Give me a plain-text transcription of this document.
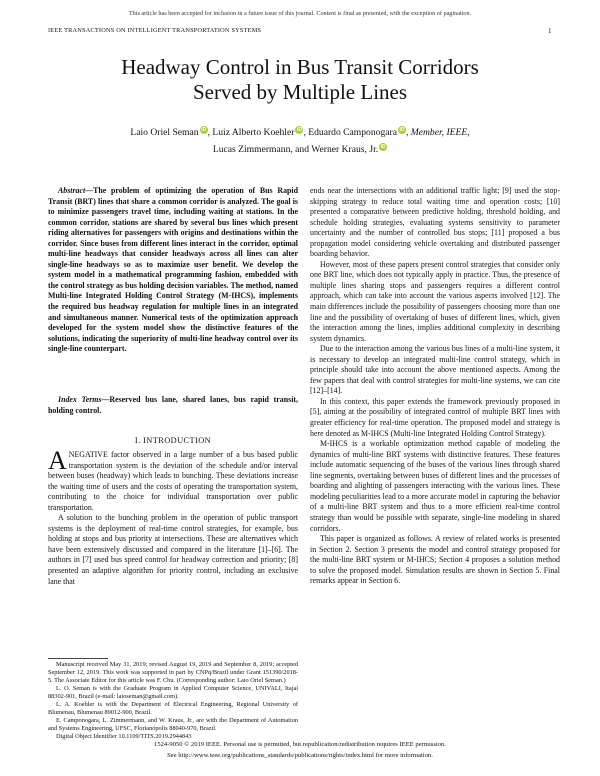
This article has been accepted for inclusion in a future issue of this journal. Content is final as presented, with the exception of pagination.
IEEE TRANSACTIONS ON INTELLIGENT TRANSPORTATION SYSTEMS	1
Headway Control in Bus Transit Corridors
Served by Multiple Lines
Laio Oriel Seman iD , Luiz Alberto Koehler iD , Eduardo Camponogara iD , Member, IEEE,
Lucas Zimmermann, and Werner Kraus, Jr. iD

Abstract—The problem of optimizing the operation of Bus Rapid Transit (BRT) lines that share a common corridor is analyzed. The goal is to minimize passengers travel time, including waiting at stations. In the common corridor, stations are shared by several bus lines which present riding alternatives for passengers with origins and destinations within the corridor. Since buses from different lines interact in the corridor, optimal multi-line headways that consider headways across all lines can alter single-line headways so as to maximize user benefit. We develop the system model in a mathematical programming fashion, embedded with the control strategy as bus holding decision variables. The method, named Multi-line Integrated Holding Control Strategy (M-IHCS), implements the required bus headway regulation for multiple lines in an integrated and simultaneous manner. Numerical tests of the optimization approach developed for the system model show the distinctive features of the solutions, indicating the superiority of multi-line headway control over its single-line counterpart.

Index Terms—Reserved bus lane, shared lanes, bus rapid transit, holding control.

I. INTRODUCTION

ANEGATIVE factor observed in a large number of a bus based public transportation system is the deviation of the schedule and/or interval between buses (headway) which leads to bunching. These deviations increase the waiting time of users and the costs of operating the transportation system, contributing to the choice for individual transportation over public transportation.

A solution to the bunching problem in the operation of public transport systems is the deployment of real-time control strategies, for example, bus holding at stops and bus priority at intersections. These are alternatives which have been extensively discussed and compared in the literature [1]–[6]. The authors in [7] used bus speed control for headway correction and priority; [8] presented an adaptive algorithm for priority control, including an exclusive lane that

Manuscript received May 31, 2019; revised August 19, 2019 and September 8, 2019; accepted September 12, 2019. This work was supported in part by CNPq/Brazil under Grant 151390/2018-5. The Associate Editor for this article was F. Chu. (Corresponding author: Laio Oriel Seman.)

L. O. Seman is with the Graduate Program in Applied Computer Science, UNIVALI, Itajaí 88302-901, Brazil (e-mail: laioseman@gmail.com).

L. A. Koehler is with the Department of Electrical Engineering, Regional University of Blumenau, Blumenau 89012-900, Brazil.

E. Camponogara, L. Zimmermann, and W. Kraus, Jr., are with the Department of Automation and Systems Engineering, UFSC, Florianópolis 88040-970, Brazil.

Digital Object Identifier 10.1109/TITS.2019.2944843

ends near the intersections with an additional traffic light; [9] used the stop-skipping strategy to reduce total waiting time and operation costs; [10] presented a comparative between predictive holding, threshold holding, and schedule holding strategies, evaluating systems sensitivity to parameter uncertainty and the number of controlled bus stops; [11] proposed a bus propagation model considering vehicle overtaking and distributed passenger boarding behavior.

However, most of these papers present control strategies that consider only one BRT line, which does not typically apply in practice. Thus, the presence of multiple lines sharing stops and passengers requires a different control approach, which can take into account the various aspects involved [12]. The main differences include the possibility of passengers choosing more than one line and the possibility of overtaking of buses of different lines, which, given the interaction among the lines, implies additional complexity in describing system dynamics.

Due to the interaction among the various bus lines of a multi-line system, it is necessary to develop an integrated multi-line control strategy, which in principle should take into account the above mentioned aspects. Among the few papers that deal with control strategies for multi-line systems, we can cite [12]–[14].

In this context, this paper extends the framework previously proposed in [5], aiming at the possibility of integrated control of multiple BRT lines with greater efficiency for real-time operation. The proposed model and strategy is here denoted as M-IHCS (Multi-line Integrated Holding Control Strategy).

M-IHCS is a workable optimization method capable of modeling the dynamics of multi-line BRT systems with distinctive features. These features include automatic sequencing of the buses of the various lines through shared line segments, overtaking between buses of different lines and the processes of boarding and alighting of passengers interacting with the various lines. These modeling peculiarities lead to a more accurate model in capturing the behavior of a multi-line BRT system and thus to a more efficient real-time control strategy than would be possible with separate, single-line modeling in shared corridors.

This paper is organized as follows. A review of related works is presented in Section 2. Section 3 presents the model and control strategy proposed for the multi-line BRT system or M-IHCS; Section 4 proposes a solution method to solve the proposed model. Simulation results are shown in Section 5. Final remarks appear in Section 6.

1524-9050 © 2019 IEEE. Personal use is permitted, but republication/redistribution requires IEEE permission.
See http://www.ieee.org/publications_standards/publications/rights/index.html for more information.
